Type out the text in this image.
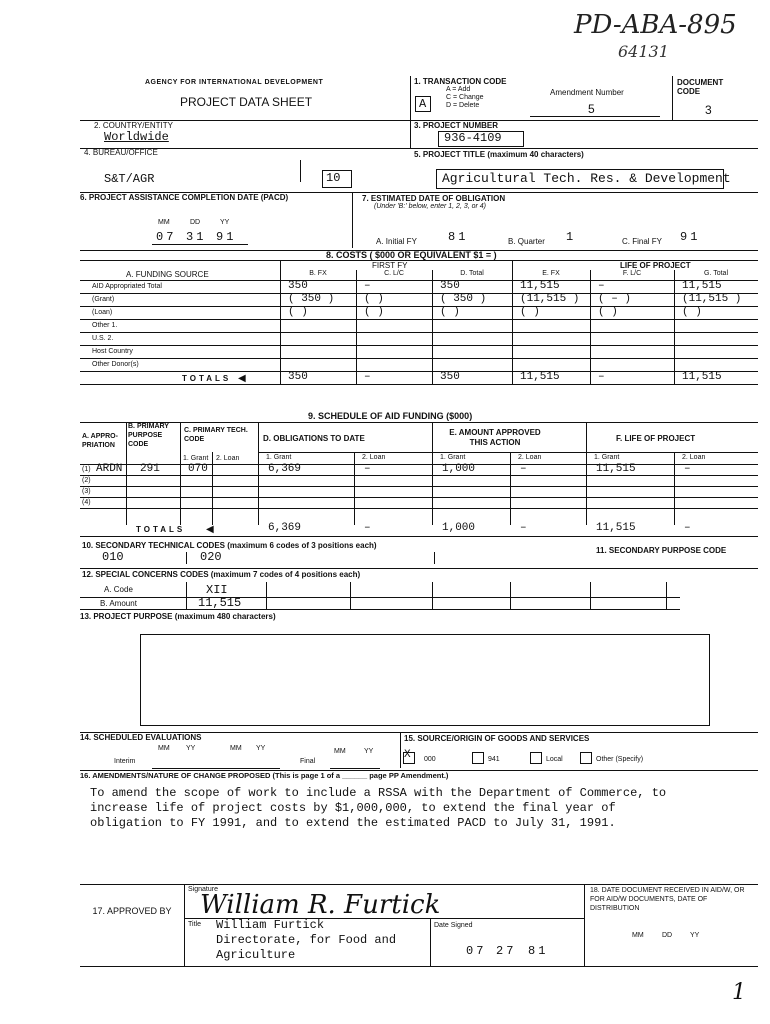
PD-ABA-895
64131
AGENCY FOR INTERNATIONAL DEVELOPMENT
PROJECT DATA SHEET
1. TRANSACTION CODE
A
A = Add
C = Change
D = Delete
Amendment Number
5
DOCUMENT CODE
3
2. COUNTRY/ENTITY
Worldwide
3. PROJECT NUMBER
936-4109
4. BUREAU/OFFICE
S&T/AGR	10
5. PROJECT TITLE (maximum 40 characters)
Agricultural Tech. Res. & Development
6. PROJECT ASSISTANCE COMPLETION DATE (PACD)
MM	DD	YY
07 31 91
7. ESTIMATED DATE OF OBLIGATION
(Under 'B:' below, enter 1, 2, 3, or 4)
A. Initial FY	81	B. Quarter 1	C. Final FY 91
8. COSTS ( $000 OR EQUIVALENT $1 = )
FIRST FY	LIFE OF PROJECT
A. FUNDING SOURCE	B. FX	C. L/C	D. Total	E. FX	F. L/C	G. Total
AID Appropriated Total	350	–	350	11,515	–	11,515
(Grant)	( 350 )	( )	( 350 )	(11,515 ) ( – )	(11,515 )
(Loan)	( )	( )	( )	( )	( )	( )
Other 1.
U.S. 2.
Host Country
Other Donor(s)
TOTALS ◀	350	–	350	11,515	–	11,515
9. SCHEDULE OF AID FUNDING ($000)
A. APPRO-PRIATION
B. PRIMARY PURPOSE CODE
C. PRIMARY TECH. CODE
1. Grant 2. Loan
D. OBLIGATIONS TO DATE
E. AMOUNT APPROVED THIS ACTION	F. LIFE OF PROJECT
1. Grant	2. Loan	1. Grant	2. Loan	1. Grant	2. Loan
(1) ARDN 291	070	6,369	–	1,000	–	11,515	–
(2)
(3)
(4)
TOTALS ◀	6,369	–	1,000	–	11,515	–
10. SECONDARY TECHNICAL CODES (maximum 6 codes of 3 positions each)
010	020	11. SECONDARY PURPOSE CODE
12. SPECIAL CONCERNS CODES (maximum 7 codes of 4 positions each)
A. Code	XII
B. Amount	11,515
13. PROJECT PURPOSE (maximum 480 characters)
14. SCHEDULED EVALUATIONS
MM YY	MM YY	MM	YY
Interim	Final
15. SOURCE/ORIGIN OF GOODS AND SERVICES
X 000	941	Local	Other (Specify)
16. AMENDMENTS/NATURE OF CHANGE PROPOSED (This is page 1 of a ______ page PP Amendment.)
To amend the scope of work to include a RSSA with the Department of Commerce, to
increase life of project costs by $1,000,000, to extend the final year of
obligation to FY 1991, and to extend the estimated PACD to July 31, 1991.
17. APPROVED BY
Signature
William R. Furtick
Title William Furtick
Directorate, for Food and
Agriculture
Date Signed
07 27 81
18. DATE DOCUMENT RECEIVED IN AID/W, OR FOR AID/W DOCUMENTS, DATE OF DISTRIBUTION
MM	DD	YY
1
